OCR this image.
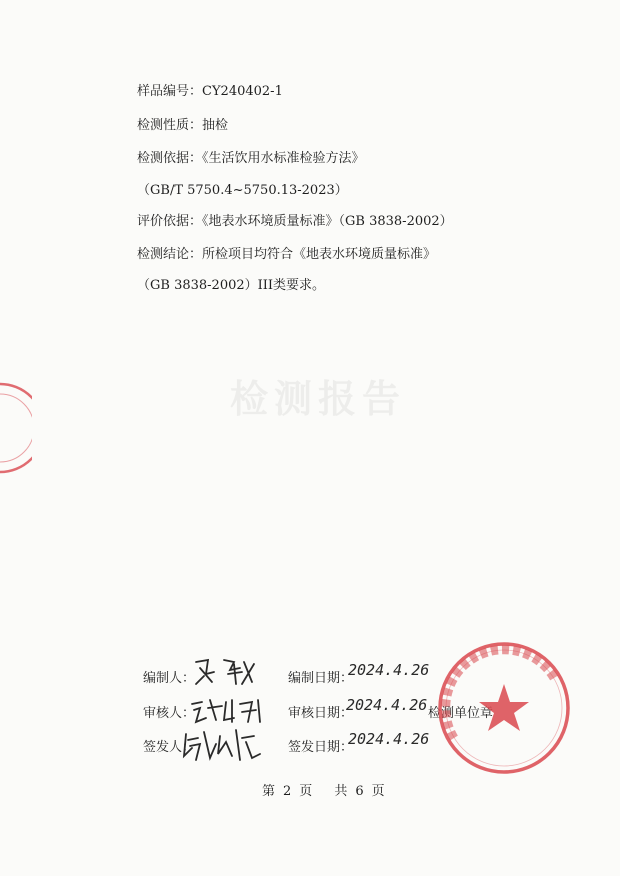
检测报告
样品编号：CY240402-1
检测性质：抽检
检测依据：《生活饮用水标准检验方法》
（GB/T 5750.4~5750.13-2023）
评价依据：《地表水环境质量标准》（GB 3838-2002）
检测结论：所检项目均符合《地表水环境质量标准》
（GB 3838-2002）III类要求。
编制人：
审核人：
签发人：
编制日期：
2024.4.26
审核日期：
2024.4.26
签发日期：
2024.4.26
检测单位章
第 2 页 共 6 页
